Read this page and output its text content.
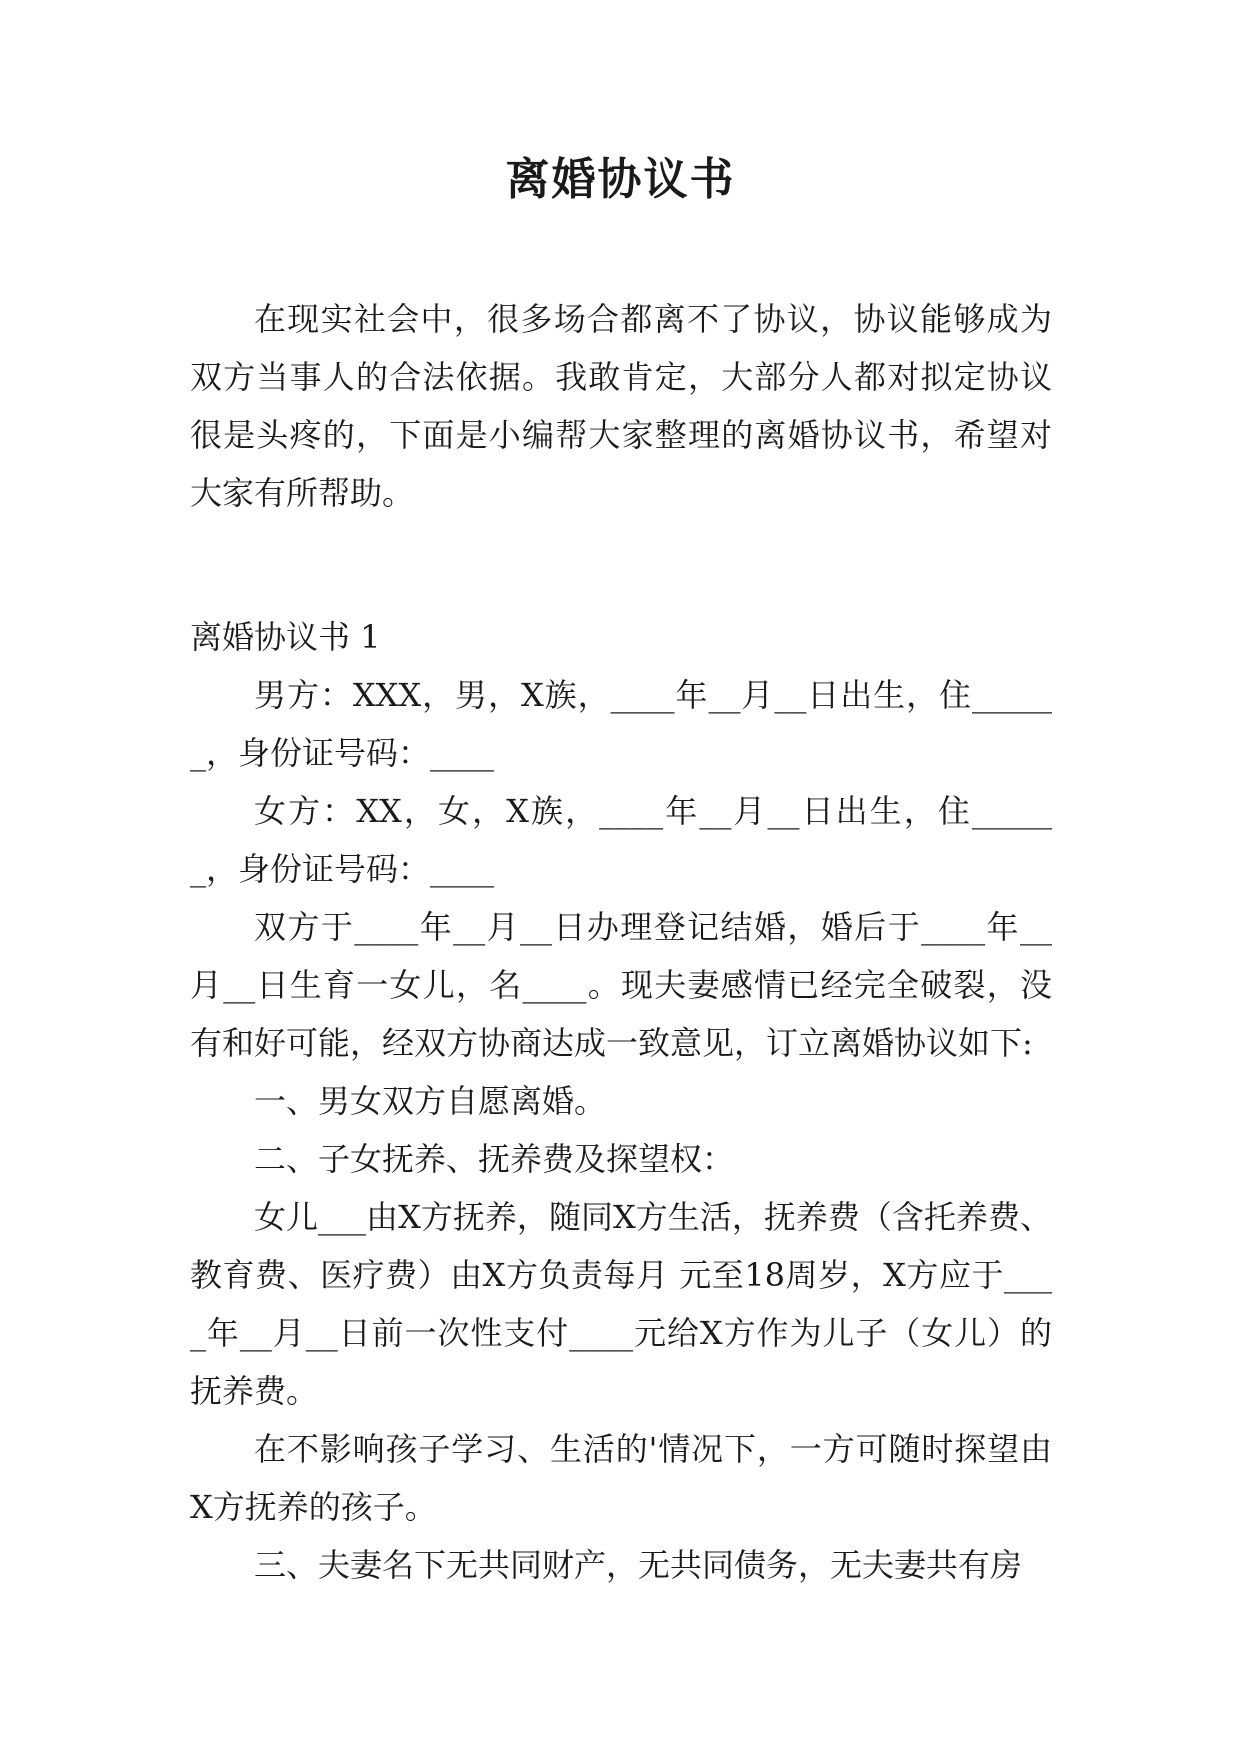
离婚协议书

在现实社会中，很多场合都离不了协议，协议能够成为双方当事人的合法依据。我敢肯定，大部分人都对拟定协议很是头疼的，下面是小编帮大家整理的离婚协议书，希望对大家有所帮助。

离婚协议书 1

男方：XXX，男，X族，____年__月__日出生，住______，身份证号码：____

女方：XX，女，X族，____年__月__日出生，住______，身份证号码：____

双方于____年__月__日办理登记结婚，婚后于____年__月__日生育一女儿，名____。现夫妻感情已经完全破裂，没有和好可能，经双方协商达成一致意见，订立离婚协议如下:

一、男女双方自愿离婚。

二、子女抚养、抚养费及探望权：

女儿___由X方抚养，随同X方生活，抚养费（含托养费、教育费、医疗费）由X方负责每月 元至18周岁，X方应于____年__月__日前一次性支付____元给X方作为儿子（女儿）的抚养费。

在不影响孩子学习、生活的'情况下，一方可随时探望由X方抚养的孩子。

三、夫妻名下无共同财产，无共同债务，无夫妻共有房
